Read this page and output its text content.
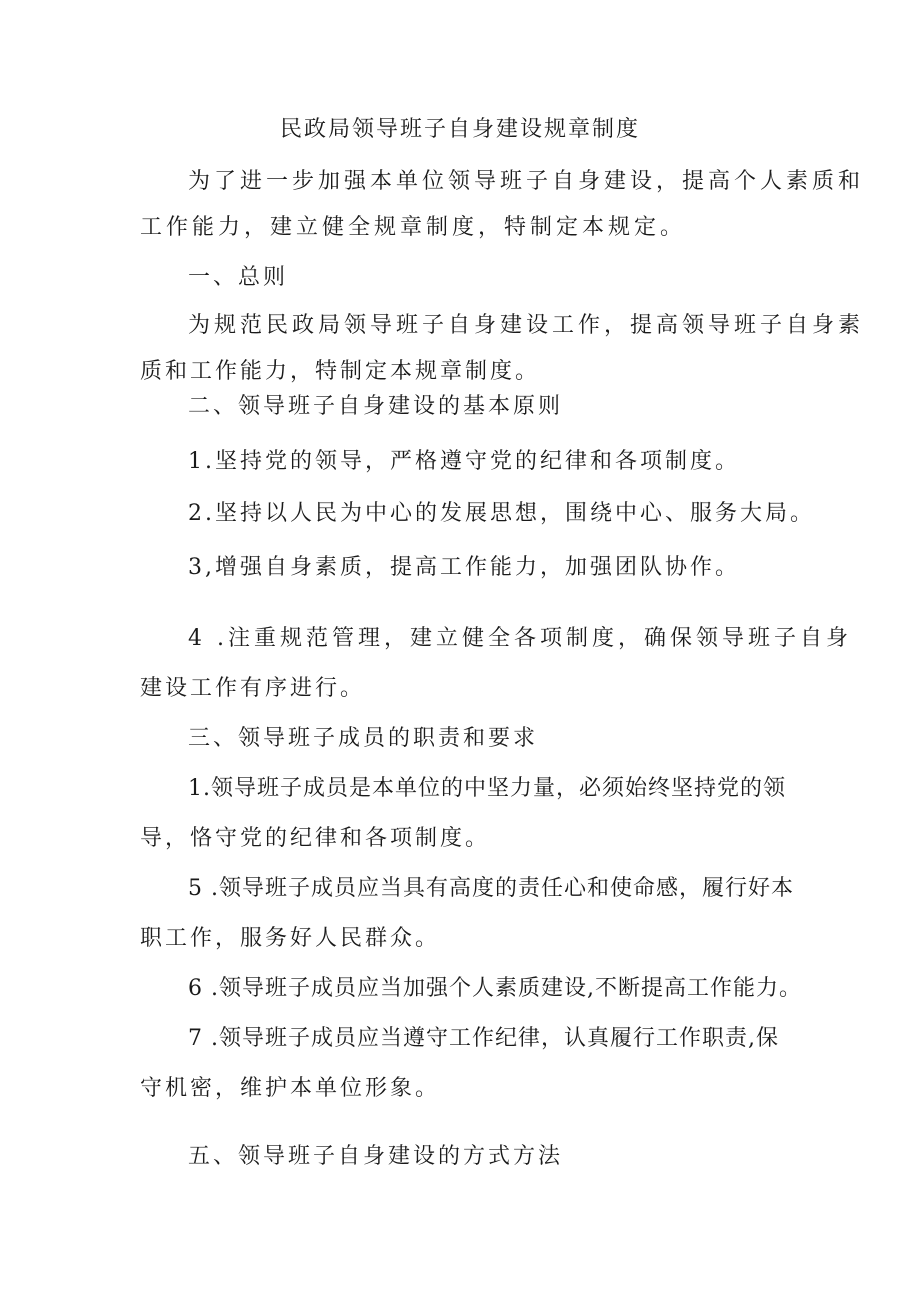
民政局领导班子自身建设规章制度
为了进一步加强本单位领导班子自身建设，提高个人素质和
工作能力，建立健全规章制度，特制定本规定。
一、总则
为规范民政局领导班子自身建设工作，提高领导班子自身素
质和工作能力，特制定本规章制度。
二、领导班子自身建设的基本原则
1.坚持党的领导，严格遵守党的纪律和各项制度。
2.坚持以人民为中心的发展思想，围绕中心、服务大局。
3,增强自身素质，提高工作能力，加强团队协作。
4 .注重规范管理，建立健全各项制度，确保领导班子自身
建设工作有序进行。
三、领导班子成员的职责和要求
1.领导班子成员是本单位的中坚力量，必须始终坚持党的领
导，恪守党的纪律和各项制度。
5 .领导班子成员应当具有高度的责任心和使命感，履行好本
职工作，服务好人民群众。
6 .领导班子成员应当加强个人素质建设,不断提高工作能力。
7 .领导班子成员应当遵守工作纪律，认真履行工作职责,保
守机密，维护本单位形象。
五、领导班子自身建设的方式方法
